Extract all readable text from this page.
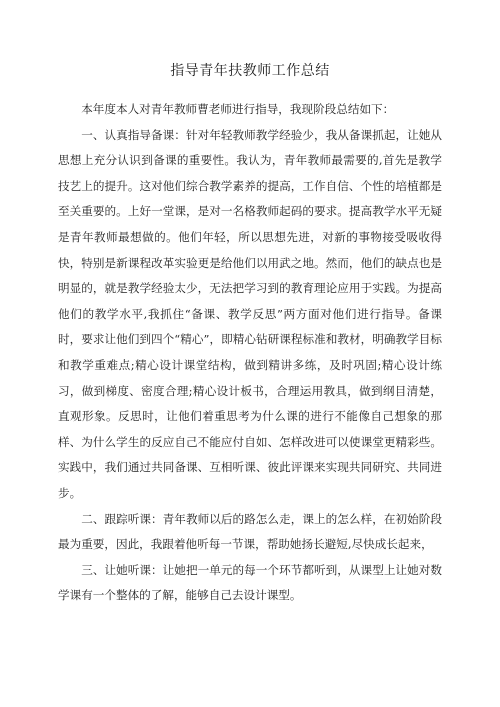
指导青年扶教师工作总结

本年度本人对青年教师曹老师进行指导，我现阶段总结如下：

一、认真指导备课：针对年轻教师教学经验少，我从备课抓起，让她从思想上充分认识到备课的重要性。我认为，青年教师最需要的,首先是教学技艺上的提升。这对他们综合教学素养的提高，工作自信、个性的培植都是至关重要的。上好一堂课，是对一名格教师起码的要求。提高教学水平无疑是青年教师最想做的。他们年轻，所以思想先进，对新的事物接受吸收得快，特别是新课程改革实验更是给他们以用武之地。然而，他们的缺点也是明显的，就是教学经验太少，无法把学习到的教育理论应用于实践。为提高他们的教学水平,我抓住“备课、教学反思”两方面对他们进行指导。备课时，要求让他们到四个“精心”，即精心钻研课程标准和教材，明确教学目标和教学重难点;精心设计课堂结构，做到精讲多练，及时巩固;精心设计练习，做到梯度、密度合理;精心设计板书，合理运用教具，做到纲目清楚，直观形象。反思时，让他们着重思考为什么课的进行不能像自己想象的那样、为什么学生的反应自己不能应付自如、怎样改进可以使课堂更精彩些。实践中，我们通过共同备课、互相听课、彼此评课来实现共同研究、共同进步。

二、跟踪听课：青年教师以后的路怎么走，课上的怎么样，在初始阶段最为重要，因此，我跟着他听每一节课，帮助她扬长避短,尽快成长起来，

三、让她听课：让她把一单元的每一个环节都听到，从课型上让她对数学课有一个整体的了解，能够自己去设计课型。
